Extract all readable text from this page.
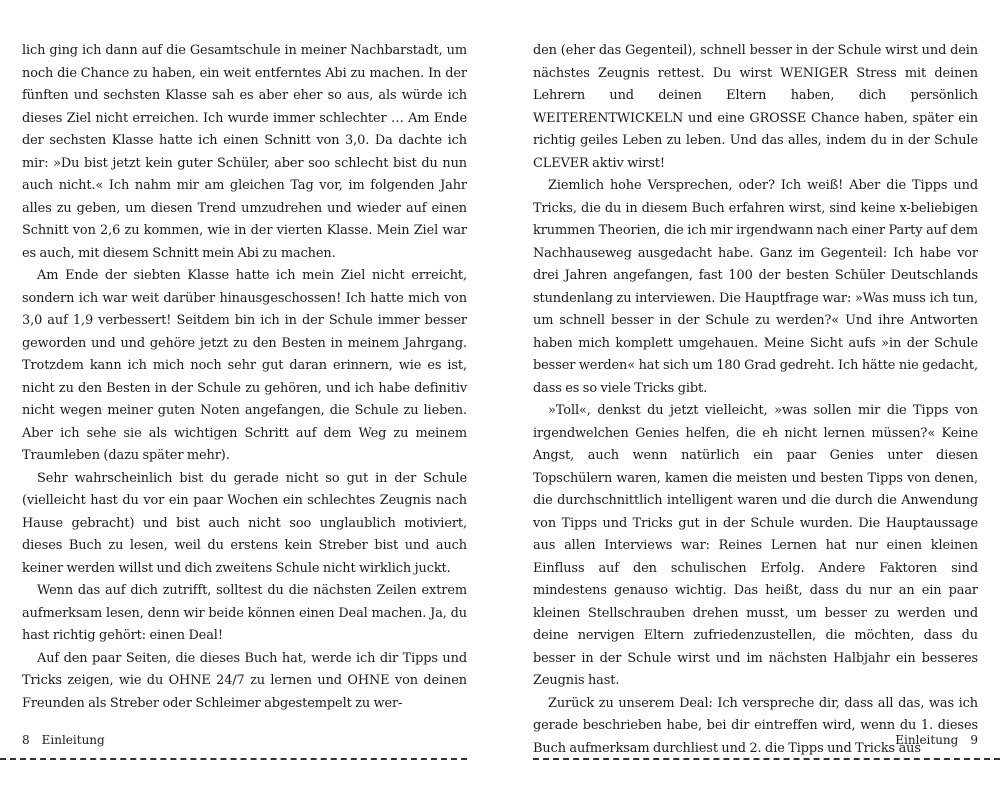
lich ging ich dann auf die Gesamtschule in meiner Nachbarstadt, um noch die Chance zu haben, ein weit entferntes Abi zu machen. In der fünften und sechsten Klasse sah es aber eher so aus, als würde ich dieses Ziel nicht erreichen. Ich wurde immer schlechter … Am Ende der sechsten Klasse hatte ich einen Schnitt von 3,0. Da dachte ich mir: »Du bist jetzt kein guter Schüler, aber soo schlecht bist du nun auch nicht.« Ich nahm mir am gleichen Tag vor, im folgenden Jahr alles zu geben, um diesen Trend umzudrehen und wieder auf einen Schnitt von 2,6 zu kommen, wie in der vierten Klasse. Mein Ziel war es auch, mit diesem Schnitt mein Abi zu machen.

Am Ende der siebten Klasse hatte ich mein Ziel nicht erreicht, sondern ich war weit darüber hinausgeschossen! Ich hatte mich von 3,0 auf 1,9 verbessert! Seitdem bin ich in der Schule immer besser geworden und und gehöre jetzt zu den Besten in meinem Jahrgang. Trotzdem kann ich mich noch sehr gut daran erinnern, wie es ist, nicht zu den Besten in der Schule zu gehören, und ich habe definitiv nicht wegen meiner guten Noten angefangen, die Schule zu lieben. Aber ich sehe sie als wichtigen Schritt auf dem Weg zu meinem Traumleben (dazu später mehr).

Sehr wahrscheinlich bist du gerade nicht so gut in der Schule (vielleicht hast du vor ein paar Wochen ein schlechtes Zeugnis nach Hause gebracht) und bist auch nicht soo unglaublich motiviert, dieses Buch zu lesen, weil du erstens kein Streber bist und auch keiner werden willst und dich zweitens Schule nicht wirklich juckt.

Wenn das auf dich zutrifft, solltest du die nächsten Zeilen extrem aufmerksam lesen, denn wir beide können einen Deal machen. Ja, du hast richtig gehört: einen Deal!

Auf den paar Seiten, die dieses Buch hat, werde ich dir Tipps und Tricks zeigen, wie du OHNE 24/7 zu lernen und OHNE von deinen Freunden als Streber oder Schleimer abgestempelt zu wer-

den (eher das Gegenteil), schnell besser in der Schule wirst und dein nächstes Zeugnis rettest. Du wirst WENIGER Stress mit deinen Lehrern und deinen Eltern haben, dich persönlich WEITERENTWICKELN und eine GROSSE Chance haben, später ein richtig geiles Leben zu leben. Und das alles, indem du in der Schule CLEVER aktiv wirst!

Ziemlich hohe Versprechen, oder? Ich weiß! Aber die Tipps und Tricks, die du in diesem Buch erfahren wirst, sind keine x-beliebigen krummen Theorien, die ich mir irgendwann nach einer Party auf dem Nachhauseweg ausgedacht habe. Ganz im Gegenteil: Ich habe vor drei Jahren angefangen, fast 100 der besten Schüler Deutschlands stundenlang zu interviewen. Die Hauptfrage war: »Was muss ich tun, um schnell besser in der Schule zu werden?« Und ihre Antworten haben mich komplett umgehauen. Meine Sicht aufs »in der Schule besser werden« hat sich um 180 Grad gedreht. Ich hätte nie gedacht, dass es so viele Tricks gibt.

»Toll«, denkst du jetzt vielleicht, »was sollen mir die Tipps von irgendwelchen Genies helfen, die eh nicht lernen müssen?« Keine Angst, auch wenn natürlich ein paar Genies unter diesen Topschülern waren, kamen die meisten und besten Tipps von denen, die durchschnittlich intelligent waren und die durch die Anwendung von Tipps und Tricks gut in der Schule wurden. Die Hauptaussage aus allen Interviews war: Reines Lernen hat nur einen kleinen Einfluss auf den schulischen Erfolg. Andere Faktoren sind mindestens genauso wichtig. Das heißt, dass du nur an ein paar kleinen Stellschrauben drehen musst, um besser zu werden und deine nervigen Eltern zufriedenzustellen, die möchten, dass du besser in der Schule wirst und im nächsten Halbjahr ein besseres Zeugnis hast.

Zurück zu unserem Deal: Ich verspreche dir, dass all das, was ich gerade beschrieben habe, bei dir eintreffen wird, wenn du 1. dieses Buch aufmerksam durchliest und 2. die Tipps und Tricks aus

8 Einleitung	Einleitung 9
